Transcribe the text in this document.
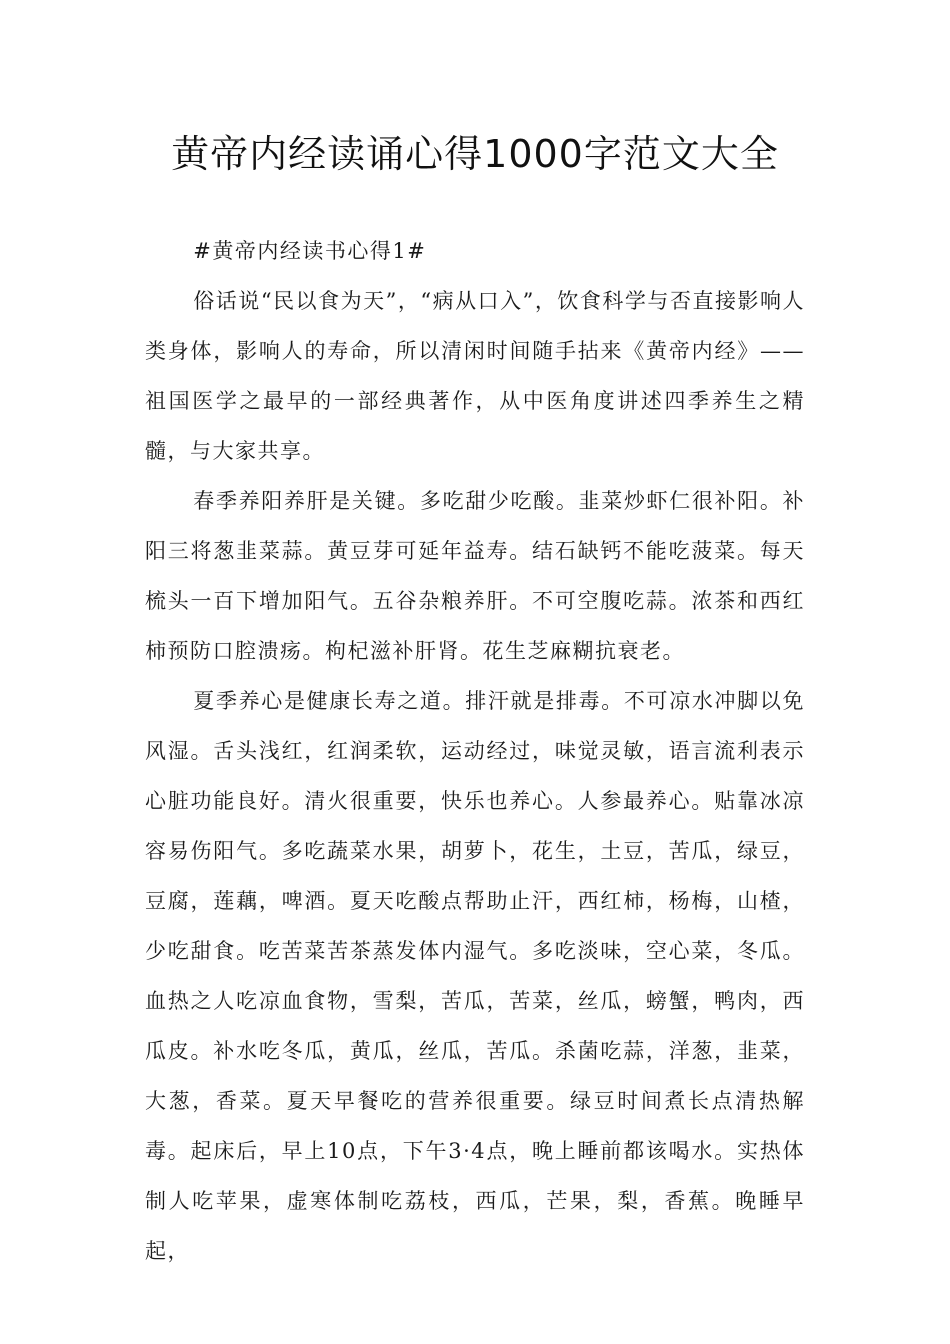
黄帝内经读诵心得1000字范文大全

#黄帝内经读书心得1#

俗话说“民以食为天”，“病从口入”，饮食科学与否直接影响人类身体，影响人的寿命，所以清闲时间随手拈来《黄帝内经》——祖国医学之最早的一部经典著作，从中医角度讲述四季养生之精髓，与大家共享。

春季养阳养肝是关键。多吃甜少吃酸。韭菜炒虾仁很补阳。补阳三将葱韭菜蒜。黄豆芽可延年益寿。结石缺钙不能吃菠菜。每天梳头一百下增加阳气。五谷杂粮养肝。不可空腹吃蒜。浓茶和西红柿预防口腔溃疡。枸杞滋补肝肾。花生芝麻糊抗衰老。

夏季养心是健康长寿之道。排汗就是排毒。不可凉水冲脚以免风湿。舌头浅红，红润柔软，运动经过，味觉灵敏，语言流利表示心脏功能良好。清火很重要，快乐也养心。人参最养心。贴靠冰凉容易伤阳气。多吃蔬菜水果，胡萝卜，花生，土豆，苦瓜，绿豆，豆腐，莲藕，啤酒。夏天吃酸点帮助止汗，西红柿，杨梅，山楂，少吃甜食。吃苦菜苦茶蒸发体内湿气。多吃淡味，空心菜，冬瓜。血热之人吃凉血食物，雪梨，苦瓜，苦菜，丝瓜，螃蟹，鸭肉，西瓜皮。补水吃冬瓜，黄瓜，丝瓜，苦瓜。杀菌吃蒜，洋葱，韭菜，大葱，香菜。夏天早餐吃的营养很重要。绿豆时间煮长点清热解毒。起床后，早上10点，下午3·4点，晚上睡前都该喝水。实热体制人吃苹果，虚寒体制吃荔枝，西瓜，芒果，梨，香蕉。晚睡早起，
